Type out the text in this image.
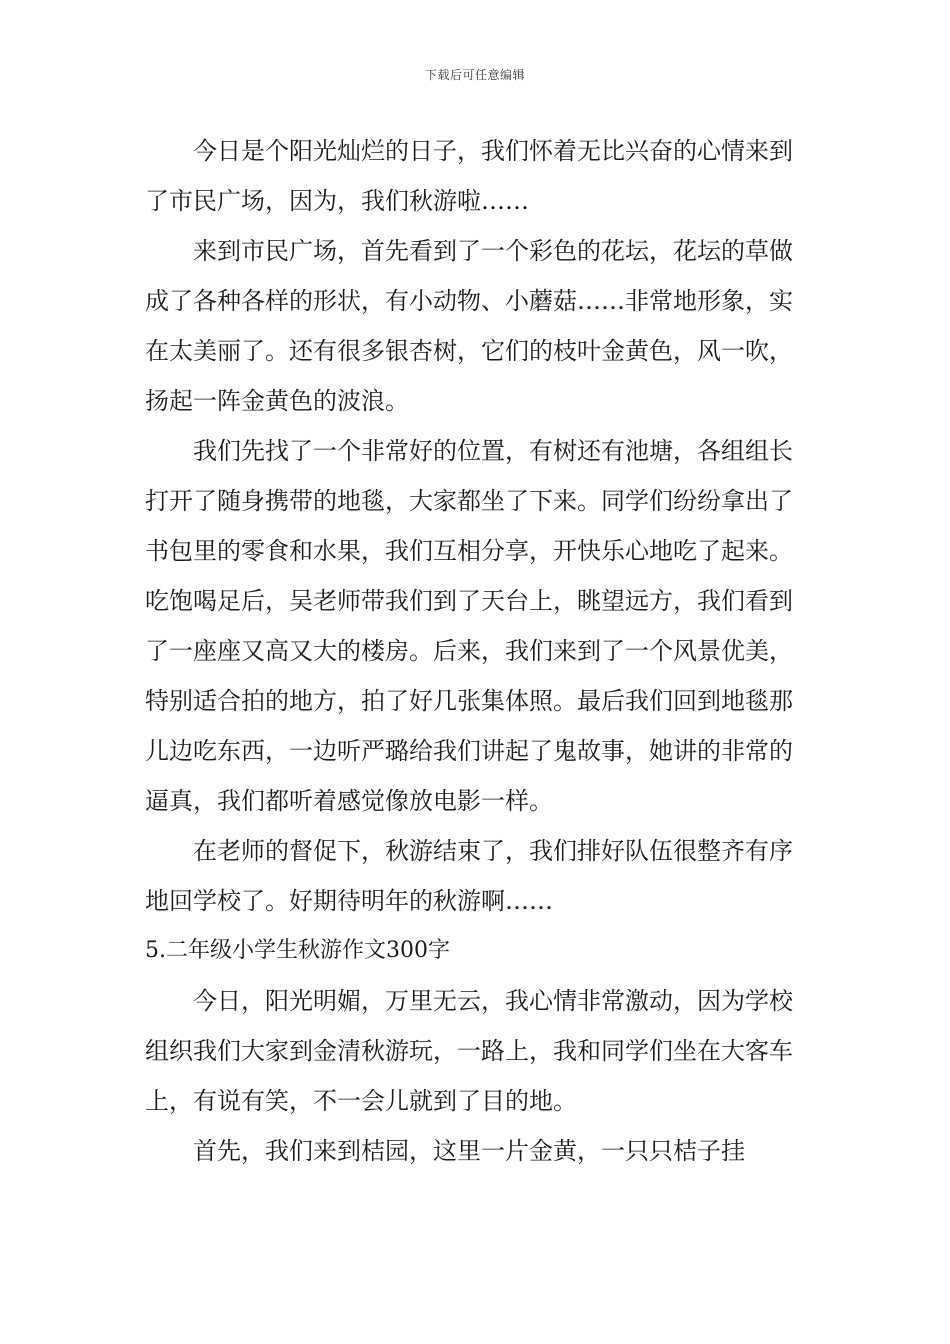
下载后可任意编辑

今日是个阳光灿烂的日子，我们怀着无比兴奋的心情来到了市民广场，因为，我们秋游啦……

来到市民广场，首先看到了一个彩色的花坛，花坛的草做成了各种各样的形状，有小动物、小蘑菇……非常地形象，实在太美丽了。还有很多银杏树，它们的枝叶金黄色，风一吹，扬起一阵金黄色的波浪。

我们先找了一个非常好的位置，有树还有池塘，各组组长打开了随身携带的地毯，大家都坐了下来。同学们纷纷拿出了书包里的零食和水果，我们互相分享，开快乐心地吃了起来。吃饱喝足后，吴老师带我们到了天台上，眺望远方，我们看到了一座座又高又大的楼房。后来，我们来到了一个风景优美，特别适合拍的地方，拍了好几张集体照。最后我们回到地毯那儿边吃东西，一边听严璐给我们讲起了鬼故事，她讲的非常的逼真，我们都听着感觉像放电影一样。

在老师的督促下，秋游结束了，我们排好队伍很整齐有序地回学校了。好期待明年的秋游啊……

5.二年级小学生秋游作文300字

今日，阳光明媚，万里无云，我心情非常激动，因为学校组织我们大家到金清秋游玩，一路上，我和同学们坐在大客车上，有说有笑，不一会儿就到了目的地。

首先，我们来到桔园，这里一片金黄，一只只桔子挂
